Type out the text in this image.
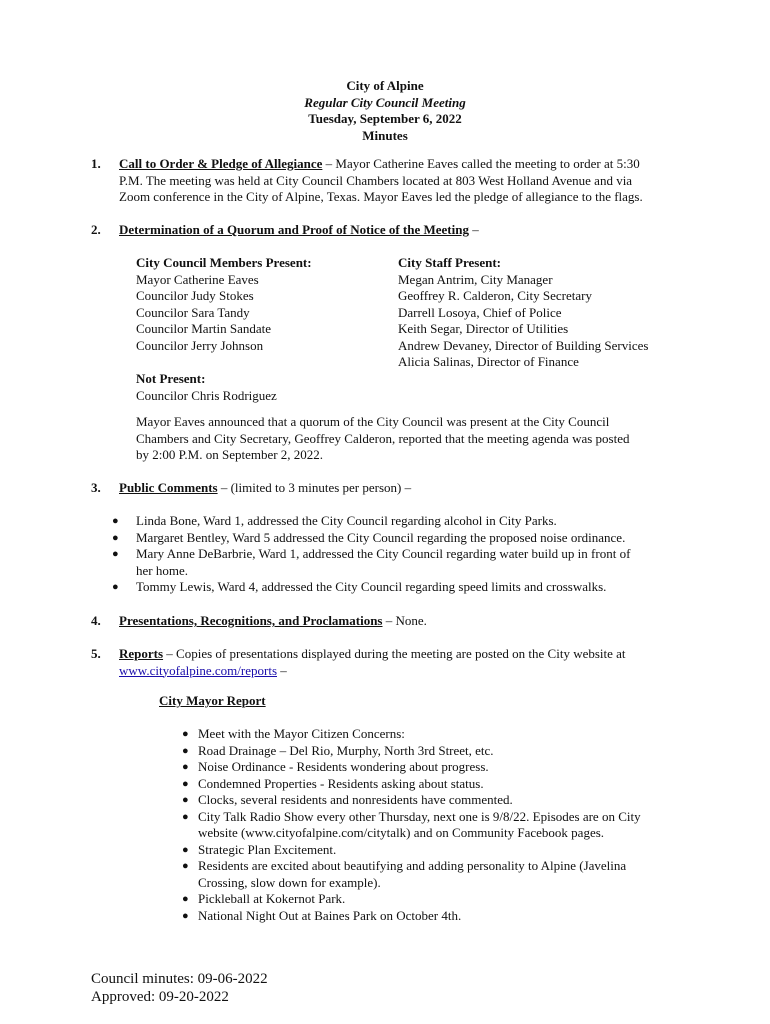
City of Alpine
Regular City Council Meeting
Tuesday, September 6, 2022
Minutes
1. Call to Order & Pledge of Allegiance – Mayor Catherine Eaves called the meeting to order at 5:30
P.M. The meeting was held at City Council Chambers located at 803 West Holland Avenue and via
Zoom conference in the City of Alpine, Texas. Mayor Eaves led the pledge of allegiance to the flags.
2. Determination of a Quorum and Proof of Notice of the Meeting –
City Council Members Present:
Mayor Catherine Eaves
Councilor Judy Stokes
Councilor Sara Tandy
Councilor Martin Sandate
Councilor Jerry Johnson
City Staff Present:
Megan Antrim, City Manager
Geoffrey R. Calderon, City Secretary
Darrell Losoya, Chief of Police
Keith Segar, Director of Utilities
Andrew Devaney, Director of Building Services
Alicia Salinas, Director of Finance
Not Present:
Councilor Chris Rodriguez
Mayor Eaves announced that a quorum of the City Council was present at the City Council
Chambers and City Secretary, Geoffrey Calderon, reported that the meeting agenda was posted
by 2:00 P.M. on September 2, 2022.
3. Public Comments – (limited to 3 minutes per person) –
● Linda Bone, Ward 1, addressed the City Council regarding alcohol in City Parks.
● Margaret Bentley, Ward 5 addressed the City Council regarding the proposed noise ordinance.
● Mary Anne DeBarbrie, Ward 1, addressed the City Council regarding water build up in front of
her home.
● Tommy Lewis, Ward 4, addressed the City Council regarding speed limits and crosswalks.
4. Presentations, Recognitions, and Proclamations – None.
5. Reports – Copies of presentations displayed during the meeting are posted on the City website at
www.cityofalpine.com/reports –
City Mayor Report
● Meet with the Mayor Citizen Concerns:
● Road Drainage – Del Rio, Murphy, North 3rd Street, etc.
● Noise Ordinance - Residents wondering about progress.
● Condemned Properties - Residents asking about status.
● Clocks, several residents and nonresidents have commented.
● City Talk Radio Show every other Thursday, next one is 9/8/22. Episodes are on City
website (www.cityofalpine.com/citytalk) and on Community Facebook pages.
● Strategic Plan Excitement.
● Residents are excited about beautifying and adding personality to Alpine (Javelina
Crossing, slow down for example).
● Pickleball at Kokernot Park.
● National Night Out at Baines Park on October 4th.
Council minutes: 09-06-2022
Approved: 09-20-2022
